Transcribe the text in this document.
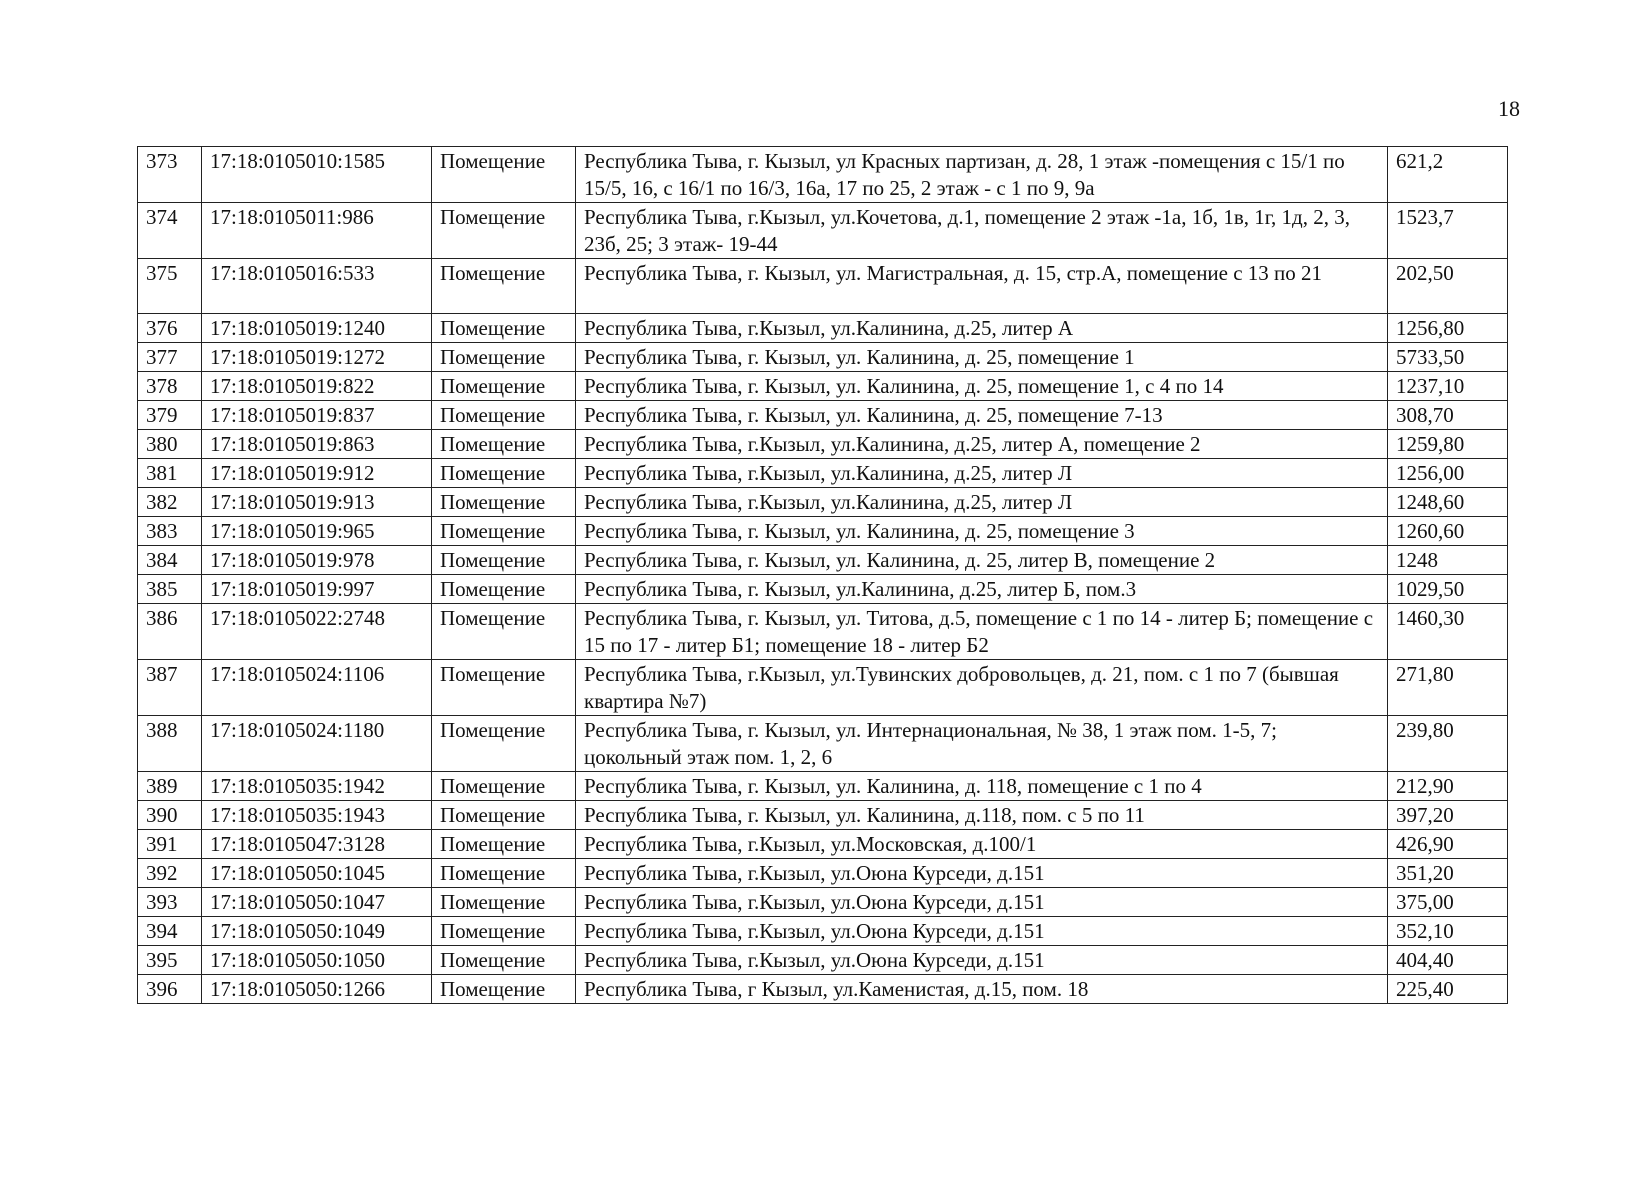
18
373	17:18:0105010:1585	Помещение	Республика Тыва, г. Кызыл, ул Красных партизан, д. 28, 1 этаж -помещения с 15/1 по 15/5, 16, с 16/1 по 16/3, 16а, 17 по 25, 2 этаж - с 1 по 9, 9а	621,2
374	17:18:0105011:986	Помещение	Республика Тыва, г.Кызыл, ул.Кочетова, д.1, помещение 2 этаж -1а, 1б, 1в, 1г, 1д, 2, 3, 23б, 25; 3 этаж- 19-44	1523,7
375	17:18:0105016:533	Помещение	Республика Тыва, г. Кызыл, ул. Магистральная, д. 15, стр.А, помещение с 13 по 21	202,50
376	17:18:0105019:1240	Помещение	Республика Тыва, г.Кызыл, ул.Калинина, д.25, литер А	1256,80
377	17:18:0105019:1272	Помещение	Республика Тыва, г. Кызыл, ул. Калинина, д. 25, помещение 1	5733,50
378	17:18:0105019:822	Помещение	Республика Тыва, г. Кызыл, ул. Калинина, д. 25, помещение 1, с 4 по 14	1237,10
379	17:18:0105019:837	Помещение	Республика Тыва, г. Кызыл, ул. Калинина, д. 25, помещение 7-13	308,70
380	17:18:0105019:863	Помещение	Республика Тыва, г.Кызыл, ул.Калинина, д.25, литер А, помещение 2	1259,80
381	17:18:0105019:912	Помещение	Республика Тыва, г.Кызыл, ул.Калинина, д.25, литер Л	1256,00
382	17:18:0105019:913	Помещение	Республика Тыва, г.Кызыл, ул.Калинина, д.25, литер Л	1248,60
383	17:18:0105019:965	Помещение	Республика Тыва, г. Кызыл, ул. Калинина, д. 25, помещение 3	1260,60
384	17:18:0105019:978	Помещение	Республика Тыва, г. Кызыл, ул. Калинина, д. 25, литер В, помещение 2	1248
385	17:18:0105019:997	Помещение	Республика Тыва, г. Кызыл, ул.Калинина, д.25, литер Б, пом.3	1029,50
386	17:18:0105022:2748	Помещение	Республика Тыва, г. Кызыл, ул. Титова, д.5, помещение с 1 по 14 - литер Б; помещение с 15 по 17 - литер Б1; помещение 18 - литер Б2	1460,30
387	17:18:0105024:1106	Помещение	Республика Тыва, г.Кызыл, ул.Тувинских добровольцев, д. 21, пом. с 1 по 7 (бывшая квартира №7)	271,80
388	17:18:0105024:1180	Помещение	Республика Тыва, г. Кызыл, ул. Интернациональная, № 38, 1 этаж пом. 1-5, 7; цокольный этаж пом. 1, 2, 6	239,80
389	17:18:0105035:1942	Помещение	Республика Тыва, г. Кызыл, ул. Калинина, д. 118, помещение с 1 по 4	212,90
390	17:18:0105035:1943	Помещение	Республика Тыва, г. Кызыл, ул. Калинина, д.118, пом. с 5 по 11	397,20
391	17:18:0105047:3128	Помещение	Республика Тыва, г.Кызыл, ул.Московская, д.100/1	426,90
392	17:18:0105050:1045	Помещение	Республика Тыва, г.Кызыл, ул.Оюна Курседи, д.151	351,20
393	17:18:0105050:1047	Помещение	Республика Тыва, г.Кызыл, ул.Оюна Курседи, д.151	375,00
394	17:18:0105050:1049	Помещение	Республика Тыва, г.Кызыл, ул.Оюна Курседи, д.151	352,10
395	17:18:0105050:1050	Помещение	Республика Тыва, г.Кызыл, ул.Оюна Курседи, д.151	404,40
396	17:18:0105050:1266	Помещение	Республика Тыва, г Кызыл, ул.Каменистая, д.15, пом. 18	225,40
